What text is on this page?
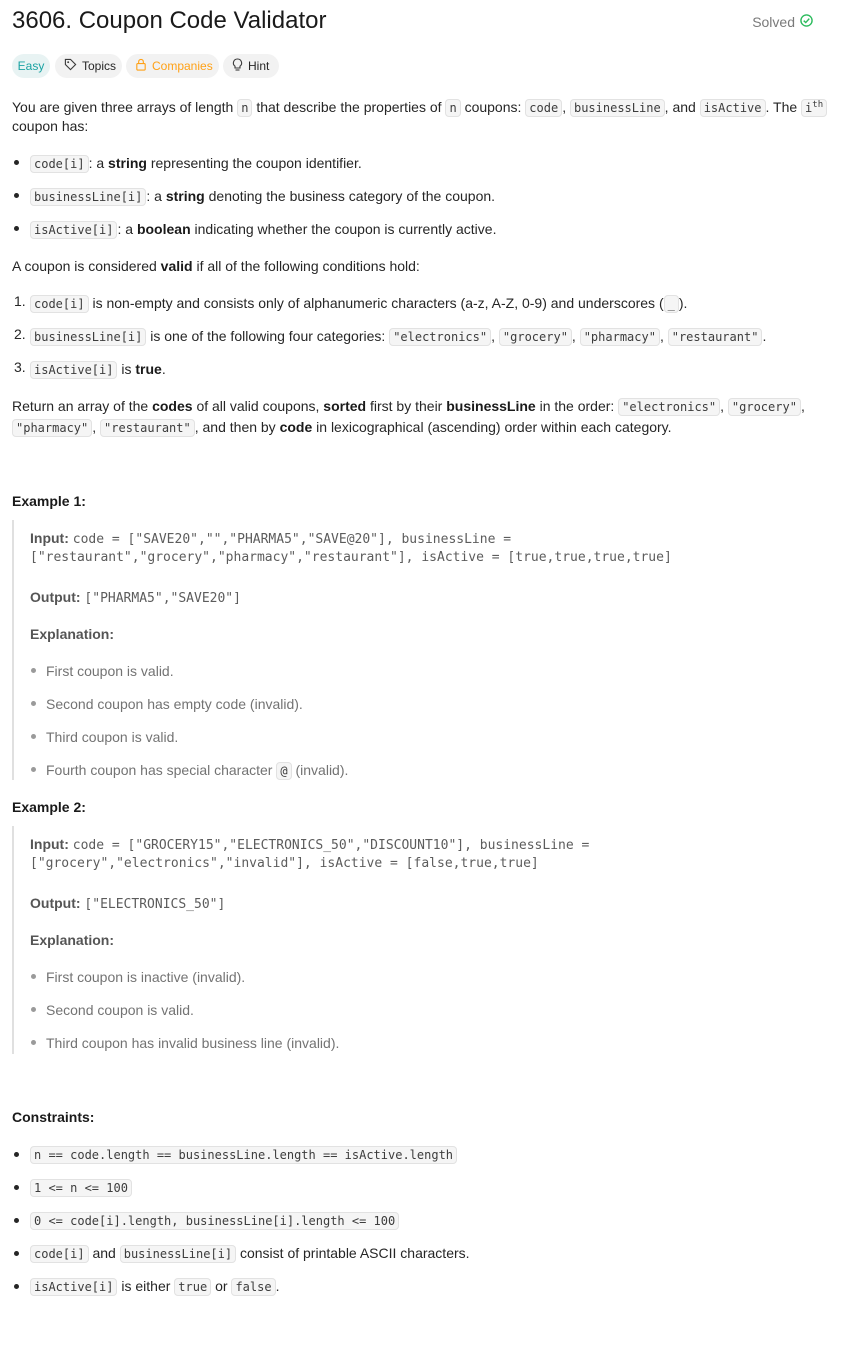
3606. Coupon Code Validator	Solved
Easy	Topics	Companies	Hint
You are given three arrays of length n that describe the properties of n coupons: code , businessLine , and isActive . The $i^{th}$
coupon has:
code[i] : a string representing the coupon identifier.
businessLine[i] : a string denoting the business category of the coupon.
isActive[i] : a boolean indicating whether the coupon is currently active.
A coupon is considered valid if all of the following conditions hold:
1. code[i] is non-empty and consists only of alphanumeric characters (a-z, A-Z, 0-9) and underscores ( _ ).
2. businessLine[i] is one of the following four categories: "electronics" , "grocery" , "pharmacy" , "restaurant" .
3. isActive[i] is true.
Return an array of the codes of all valid coupons, sorted first by their businessLine in the order: "electronics" , "grocery" ,
"pharmacy" , "restaurant" , and then by code in lexicographical (ascending) order within each category.
Example 1:
Input: code = ["SAVE20","","PHARMA5","SAVE@20"], businessLine =
["restaurant","grocery","pharmacy","restaurant"], isActive = [true,true,true,true]
Output: ["PHARMA5","SAVE20"]
Explanation:
First coupon is valid.
Second coupon has empty code (invalid).
Third coupon is valid.
Fourth coupon has special character @ (invalid).
Example 2:
Input: code = ["GROCERY15","ELECTRONICS_50","DISCOUNT10"], businessLine =
["grocery","electronics","invalid"], isActive = [false,true,true]
Output: ["ELECTRONICS_50"]
Explanation:
First coupon is inactive (invalid).
Second coupon is valid.
Third coupon has invalid business line (invalid).
Constraints:
n == code.length == businessLine.length == isActive.length
1 <= n <= 100
0 <= code[i].length, businessLine[i].length <= 100
code[i] and businessLine[i] consist of printable ASCII characters.
isActive[i] is either true or false .
